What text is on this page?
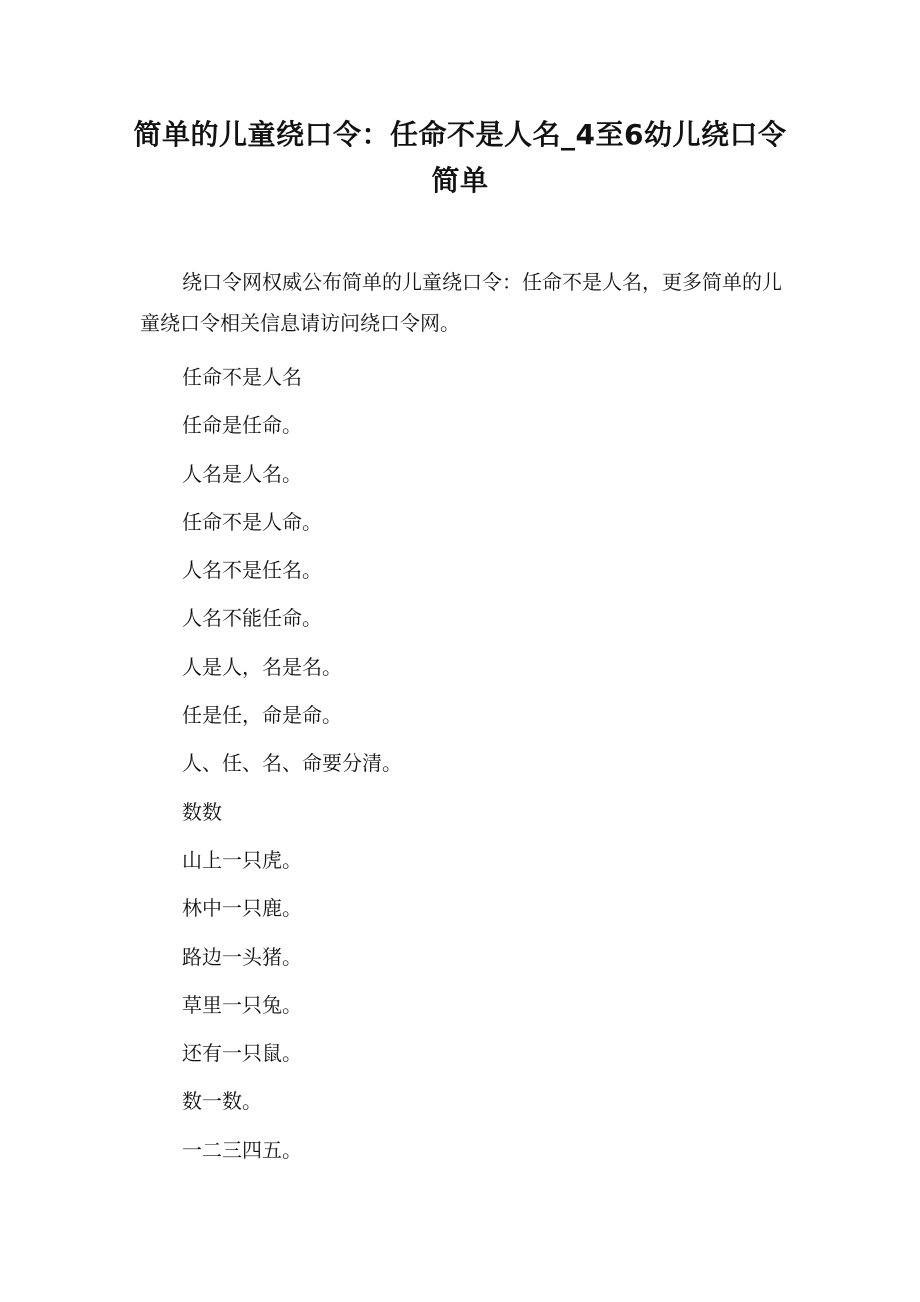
简单的儿童绕口令：任命不是人名_4至6幼儿绕口令简单

绕口令网权威公布简单的儿童绕口令：任命不是人名，更多简单的儿童绕口令相关信息请访问绕口令网。

任命不是人名
任命是任命。
人名是人名。
任命不是人命。
人名不是任名。
人名不能任命。
人是人，名是名。
任是任，命是命。
人、任、名、命要分清。
数数
山上一只虎。
林中一只鹿。
路边一头猪。
草里一只兔。
还有一只鼠。
数一数。
一二三四五。
